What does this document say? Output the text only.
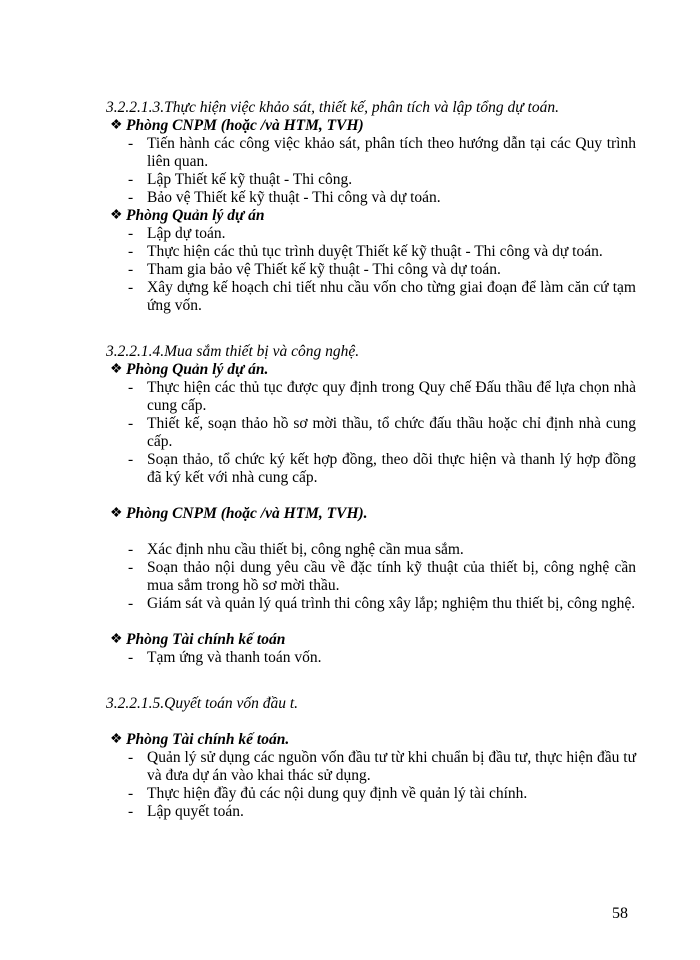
3.2.2.1.3.Thực hiện việc khảo sát, thiết kế, phân tích và lập tổng dự toán.

❖ Phòng CNPM (hoặc /và HTM, TVH)

- Tiến hành các công việc khảo sát, phân tích theo hướng dẫn tại các Quy trình liên quan.
- Lập Thiết kế kỹ thuật - Thi công.
- Bảo vệ Thiết kế kỹ thuật - Thi công và dự toán.

❖ Phòng Quản lý dự án

- Lập dự toán.
- Thực hiện các thủ tục trình duyệt Thiết kế kỹ thuật - Thi công và dự toán.
- Tham gia bảo vệ Thiết kế kỹ thuật - Thi công và dự toán.
- Xây dựng kế hoạch chi tiết nhu cầu vốn cho từng giai đoạn để làm căn cứ tạm ứng vốn.

3.2.2.1.4.Mua sắm thiết bị và công nghệ.

❖ Phòng Quản lý dự án.

- Thực hiện các thủ tục được quy định trong Quy chế Đấu thầu để lựa chọn nhà cung cấp.
- Thiết kế, soạn thảo hồ sơ mời thầu, tổ chức đấu thầu hoặc chỉ định nhà cung cấp.
- Soạn thảo, tổ chức ký kết hợp đồng, theo dõi thực hiện và thanh lý hợp đồng đã ký kết với nhà cung cấp.

❖ Phòng CNPM (hoặc /và HTM, TVH).

- Xác định nhu cầu thiết bị, công nghệ cần mua sắm.
- Soạn thảo nội dung yêu cầu về đặc tính kỹ thuật của thiết bị, công nghệ cần mua sắm trong hồ sơ mời thầu.
- Giám sát và quản lý quá trình thi công xây lắp; nghiệm thu thiết bị, công nghệ.

❖ Phòng Tài chính kế toán

- Tạm ứng và thanh toán vốn.

3.2.2.1.5.Quyết toán vốn đầu t.

❖ Phòng Tài chính kế toán.

- Quản lý sử dụng các nguồn vốn đầu tư từ khi chuẩn bị đầu tư, thực hiện đầu tư và đưa dự án vào khai thác sử dụng.
- Thực hiện đầy đủ các nội dung quy định về quản lý tài chính.
- Lập quyết toán.
58
